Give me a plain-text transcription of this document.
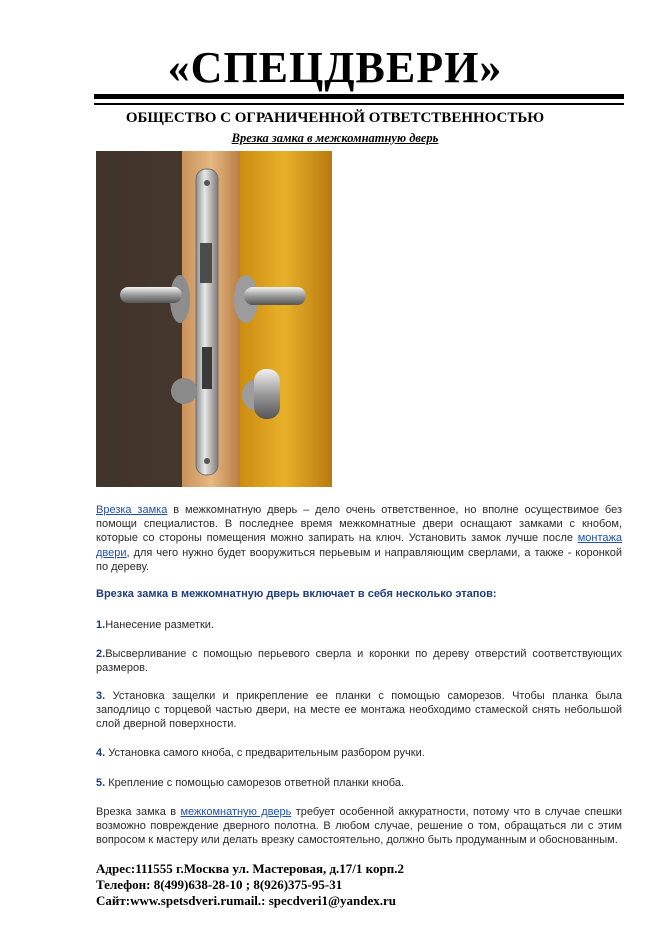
«СПЕЦДВЕРИ»
ОБЩЕСТВО С ОГРАНИЧЕННОЙ ОТВЕТСТВЕННОСТЬЮ
Врезка замка в межкомнатную дверь
Врезка замка в межкомнатную дверь – дело очень ответственное, но вполне осуществимое без помощи специалистов. В последнее время межкомнатные двери оснащают замками с кнобом, которые со стороны помещения можно запирать на ключ. Установить замок лучше после монтажа двери, для чего нужно будет вооружиться перьевым и направляющим сверлами, а также - коронкой по дереву.
Врезка замка в межкомнатную дверь включает в себя несколько этапов:
1.Нанесение разметки.
2.Высверливание с помощью перьевого сверла и коронки по дереву отверстий соответствующих размеров.
3. Установка защелки и прикрепление ее планки с помощью саморезов. Чтобы планка была заподлицо с торцевой частью двери, на месте ее монтажа необходимо стамеской снять небольшой слой дверной поверхности.
4. Установка самого кноба, с предварительным разбором ручки.
5. Крепление с помощью саморезов ответной планки кноба.
Врезка замка в межкомнатную дверь требует особенной аккуратности, потому что в случае спешки возможно повреждение дверного полотна. В любом случае, решение о том, обращаться ли с этим вопросом к мастеру или делать врезку самостоятельно, должно быть продуманным и обоснованным.
Адрес:111555 г.Москва ул. Мастеровая, д.17/1 корп.2
Телефон: 8(499)638-28-10 ; 8(926)375-95-31
Сайт:www.spetsdveri.rumail.: specdveri1@yandex.ru
